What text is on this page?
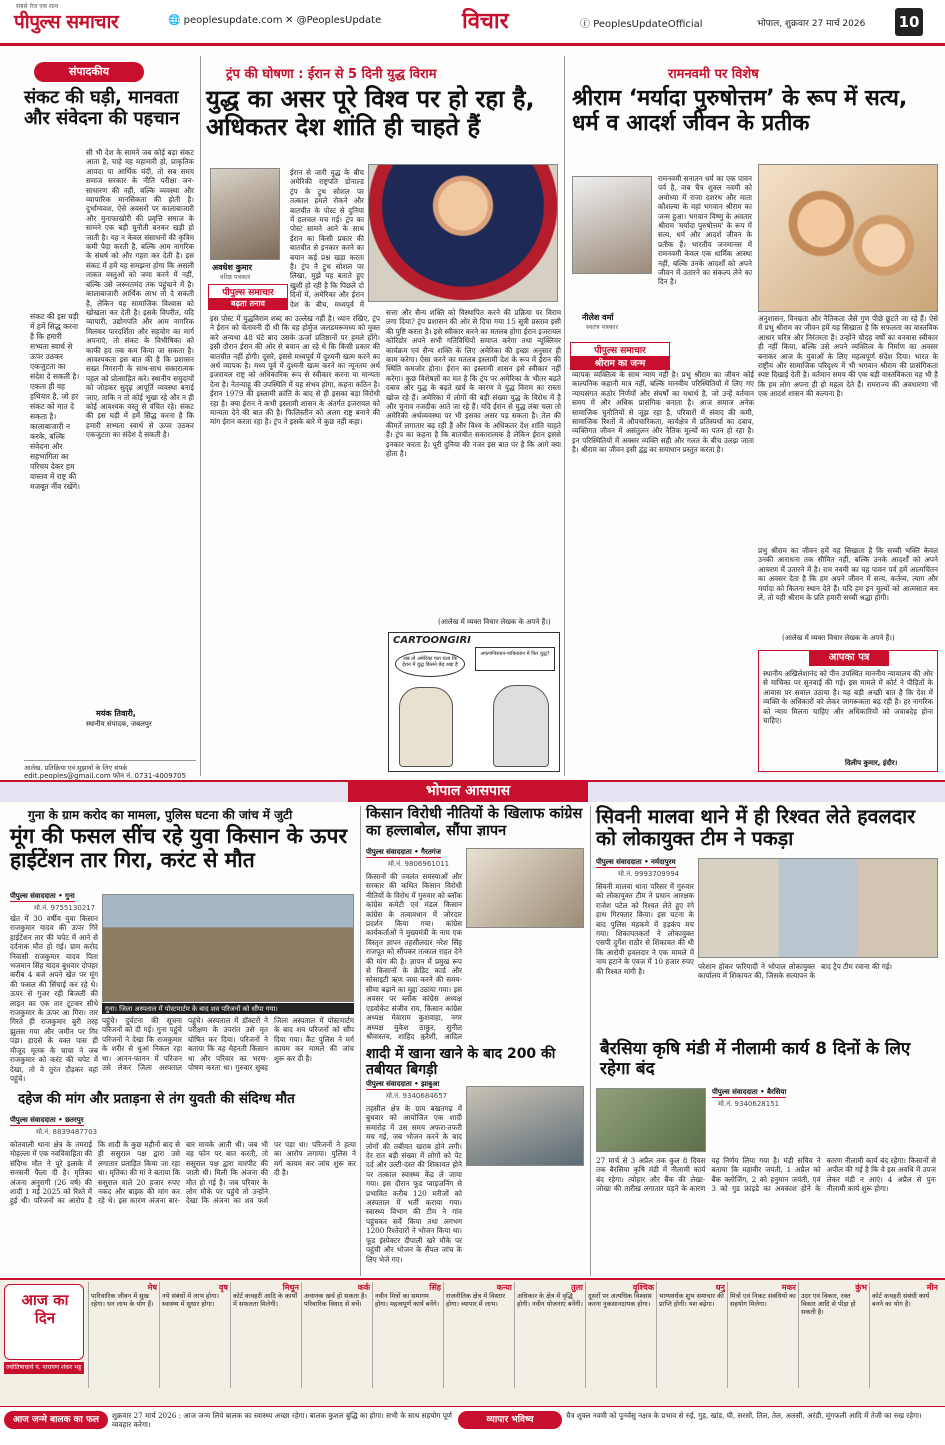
सबसे तेज एक साथ
पीपुल्स समाचार	🌐 peoplesupdate.com ✕ @PeoplesUpdate	विचार	ⓕ PeoplesUpdateOfficial	भोपाल, शुक्रवार 27 मार्च 2026 10
संपादकीय
संकट की घड़ी, मानवता और संवेदना की पहचान
सी भी देश के सामने जब कोई बड़ा संकट आता है, चाहे वह महामारी हो, प्राकृतिक आपदा या आर्थिक मंदी, तो सब समय समाज सरकार के नीति परीक्षा जन-साधारण की नहीं, बल्कि व्यवस्था और व्यापारिक मानसिकता की होती है। दुर्भाग्यवश, ऐसे अवसरों पर कालाबाजारी और मुनाफाखोरी की प्रवृत्ति समाज के सामने एक बड़ी चुनौती बनकर खड़ी हो जाती है। यह न केवल संसाधनों की कृत्रिम कमी पैदा करती है, बल्कि आम नागरिक के संघर्ष को और गहरा कर देती है। इस संकट में हमें यह समझना होगा कि असली ताकत वस्तुओं को जमा करने में नहीं, बल्कि उसे जरूरतमंद तक पहुंचाने में है। कालाबाजारी आर्थिक लाभ तो दे सकती है, लेकिन यह सामाजिक विश्वास को खोखला कर देती है। इसके विपरीत, यदि व्यापारी, उद्योगपति और आम नागरिक मिलकर पारदर्शिता और सहयोग का मार्ग अपनाएं, तो संकट के विभीषिका को काफी हद तक कम किया जा सकता है। आवश्यकता इस बात की है कि प्रशासन सख्त निगरानी के साथ-साथ सकारात्मक पहल को प्रोत्साहित करे। स्थानीय समुदायों को जोड़कर सुदृढ़ आपूर्ति व्यवस्था बनाई जाए, ताकि न तो कोई भूखा रहे और न ही कोई आवश्यक वस्तु से वंचित रहे। संकट की इस घड़ी में हमें सिद्ध करना है कि हमारी सभ्यता स्वार्थ से ऊपर उठकर एकजुटता का संदेश दे सकती है।
संकट की इस घड़ी में हमें सिद्ध करना है कि हमारी सभ्यता स्वार्थ से ऊपर उठकर एकजुटता का संदेश दे सकती है। एकता ही वह हथियार है, जो हर संकट को मात दे सकता है। कालाबाजारी न करके, बल्कि संवेदना और सहभागिता का परिचय देकर हम वास्तव में राष्ट्र की मजबूत नींव रखेंगे।
मयंक तिवारी,
स्थानीय संपादक, जबलपुर
आलेख, प्रतिक्रिया एवं सुझावों के लिए संपर्क
edit.peoples@gmail.com फोन नं. 0731-4009705
ट्रंप की घोषणा : ईरान से 5 दिनी युद्ध विराम
युद्ध का असर पूरे विश्व पर हो रहा है, अधिकतर देश शांति ही चाहते हैं
अवधेश कुमार
वरिष्ठ पत्रकार
पीपुल्स समाचार
बढ़ता तनाव
ईरान से जारी युद्ध के बीच अमेरिकी राष्ट्रपति डोनाल्ड ट्रंप के ट्रूथ सोशल पर तत्काल हमले रोकने और बातचीत के पोस्ट से दुनिया में हलचल मच गई। ट्रंप का पोस्ट सामने आने के साथ ईरान का किसी प्रकार की बातचीत से इनकार करने का बयान कई प्रश्न खड़ा करता है। ट्रंप ने ट्रूथ सोशल पर लिखा, मुझे यह बताते हुए खुशी हो रही है कि पिछले दो दिनों में, अमेरिका और ईरान देश के बीच, मध्यपूर्व में
इस पोस्ट में युद्धविराम शब्द का उल्लेख नहीं है। ध्यान रखिए, ट्रंप ने ईरान को चेतावनी दी थी कि वह होर्मुज जलडमरूमध्य को मुक्त करे अन्यथा 48 घंटे बाद उसके ऊर्जा प्रतिष्ठानों पर हमले होंगे। इसी दौरान ईरान की ओर से बयान आ रहे थे कि किसी प्रकार की बातचीत नहीं होगी। दूसरे, इससे मध्यपूर्व में दुश्मनी खत्म करने का अर्थ व्यापक है। मध्य पूर्व में दुश्मनी खत्म करने का न्यूनतम अर्थ इजरायल राष्ट्र को अधिकारिक रूप से स्वीकार करना या मान्यता देना है। नेतन्याहू की उपस्थिति में यह संभव होगा, कहना कठिन है। ईरान 1979 की इस्लामी क्रांति के बाद से ही इसका बड़ा विरोधी रहा है। क्या ईरान ने कभी इस्लामी शासन के अंतर्गत इजरायल को मान्यता देने की बात की है। फिलिस्तीन को अलग राष्ट्र बनाने की मांग ईरान करता रहा है। ट्रंप ने इसके बारे में कुछ नहीं कहा।
सत्ता और सैन्य शक्ति को विस्थापित करने की प्रक्रिया पर विराम लगा दिया? ट्रंप प्रशासन की ओर से दिया गया 15 सूत्री प्रस्ताव इसी की पुष्टि करता है। इसे स्वीकार करने का मतलब होगा ईरान इजरायल कोरिडोर अपने सभी गतिविधियों समाप्त करेगा तथा न्यूक्लियर कार्यक्रम एवं सैन्य शक्ति के लिए अमेरिका की इच्छा अनुसार ही काम करेगा। ऐसा करने का मतलब इस्लामी देश के रूप में ईरान की स्थिति कमजोर होना। ईरान का इस्लामी शासन इसे स्वीकार नहीं करेगा। कुछ विशेषज्ञों का मत है कि ट्रंप पर अमेरिका के भीतर बढ़ते दबाव और युद्ध के बढ़ते खर्च के कारण वे युद्ध विराम का रास्ता खोज रहे हैं। अमेरिका में लोगों की बड़ी संख्या युद्ध के विरोध में है और चुनाव नजदीक आते जा रहे हैं। यदि ईरान से युद्ध लंबा चला तो अमेरिकी अर्थव्यवस्था पर भी इसका असर पड़ सकता है। तेल की कीमतें लगातार बढ़ रही हैं और विश्व के अधिकतर देश शांति चाहते हैं। ट्रंप का कहना है कि बातचीत सकारात्मक है लेकिन ईरान इससे इनकार करता है। पूरी दुनिया की नजर इस बात पर है कि आगे क्या होता है।
(आलेख में व्यक्त विचार लेखक के अपने हैं।)
CARTOONGIRI
अब तो अमेरिका पता चला कि ईरान में युद्ध किसने छेड़ रखा है
अफगानिस्तान-पाकिस्तान में फिर युद्ध?
रामनवमी पर विशेष
श्रीराम ‘मर्यादा पुरुषोत्तम’ के रूप में सत्य, धर्म व आदर्श जीवन के प्रतीक
नीलेश वर्मा
स्वतंत्र पत्रकार
पीपुल्स समाचार
श्रीराम का जन्म
रामनवमी सनातन धर्म का एक पावन पर्व है, जब चैत्र शुक्ल नवमी को अयोध्या में राजा दशरथ और माता कौशल्या के यहां भगवान श्रीराम का जन्म हुआ। भगवान विष्णु के अवतार श्रीराम 'मर्यादा पुरुषोत्तम' के रूप में सत्य, धर्म और आदर्श जीवन के प्रतीक हैं। भारतीय जनमानस में रामनवमी केवल एक धार्मिक आस्था नहीं, बल्कि उनके आदर्शों को अपने जीवन में उतारने का संकल्प लेने का दिन है।
अनुशासन, विनम्रता और नैतिकता जैसे गुण पीछे छूटते जा रहे हैं। ऐसे में प्रभु श्रीराम का जीवन हमें यह सिखाता है कि सफलता का वास्तविक आधार चरित्र और निरंतरता है। उन्होंने चौदह वर्षों का वनवास स्वीकार ही नहीं किया, बल्कि उसे अपने व्यक्तित्व के निर्माण का अवसर बनाकर आज के युवाओं के लिए महत्वपूर्ण संदेश दिया। भारत के राष्ट्रीय और सामाजिक परिदृश्य में भी भगवान श्रीराम की प्रासंगिकता स्पष्ट दिखाई देती है। वर्तमान समय की एक बड़ी वास्तविकता यह भी है कि हम लोग अपना ही हो महत्व देते हैं। रामराज्य की अवधारणा भी एक आदर्श शासन की कल्पना है।
व्यापक व्यक्तित्व के साथ न्याय नहीं है। प्रभु श्रीराम का जीवन कोई काल्पनिक कहानी मात्र नहीं, बल्कि मानवीय परिस्थितियों में लिए गए न्यायसंगत कठोर निर्णयों और संघर्षों का यथार्थ है, जो उन्हें वर्तमान समय में और अधिक प्रासंगिक बनाता है। आज समाज अनेक सामाजिक चुनौतियों से जूझ रहा है, परिवारों में संवाद की कमी, सामाजिक रिश्तों में औपचारिकता, कार्यक्षेत्र में प्रतिस्पर्धा का दबाव, व्यक्तिगत जीवन में असंतुलन और नैतिक मूल्यों का पतन हो रहा है। इन परिस्थितियों में अक्सर व्यक्ति सही और गलत के बीच उलझ जाता है। श्रीराम का जीवन इसी द्वंद्व का समाधान प्रस्तुत करता है।
प्रभु श्रीराम का जीवन हमें यह सिखाता है कि सच्ची भक्ति केवल उनकी आराधना तक सीमित नहीं, बल्कि उनके आदर्शों को अपने आचरण में उतारने में है। राम नवमी का यह पावन पर्व हमें आत्मचिंतन का अवसर देता है कि हम अपने जीवन में सत्य, कर्तव्य, त्याग और मर्यादा को कितना स्थान देते हैं। यदि हम इन मूल्यों को आत्मसात कर लें, तो यही श्रीराम के प्रति हमारी सच्ची श्रद्धा होगी।
(आलेख में व्यक्त विचार लेखक के अपने हैं।)
आपका पत्र
स्थानीय अखिलेशानंद को पीन उपस्थित माननीय न्यायालय की ओर से याचिका पर सुनवाई की गई। इस मामले में कोर्ट ने पीड़ितों के आवास पर सवाल उठाया है। यह बड़ी अच्छी बात है कि देश में व्यक्ति के अधिकारों को लेकर जागरूकता बढ़ रही है। हर नागरिक को न्याय मिलना चाहिए और अधिकारियों को जवाबदेह होना चाहिए।
दिलीप कुमार, इंदौर।
भोपाल आसपास
गुना के ग्राम करोद का मामला, पुलिस घटना की जांच में जुटी
मूंग की फसल सींच रहे युवा किसान के ऊपर हाईटेंशन तार गिरा, करंट से मौत
पीपुल्स संवाददाता • गुना
मो.नं. 9755130217
खेत में 30 वर्षीय युवा किसान राजकुमार यादव की ऊपर गिरे हाईटेंशन तार की चपेट में आने से दर्दनाक मौत हो गई। ग्राम करोद निवासी राजकुमार यादव पिता भजमान सिंह यादव बुधवार दोपहर करीब 4 बजे अपने खेत पर मूंग की फसल की सिंचाई कर रहे थे। ऊपर से गुजर रही बिजली की लाइन का एक तार टूटकर सीधे राजकुमार के ऊपर आ गिरा। तार गिरते ही राजकुमार बुरी तरह झुलस गया और जमीन पर गिर पड़ा। हादसे के वक्त पास ही मौजूद मृतक के चाचा ने जब राजकुमार को करंट की चपेट में देखा, तो वे तुरंत दौड़कर वहां पहुंचे।
गुना। जिला अस्पताल में पोस्टमार्टम के बाद शव परिजनों को सौंपा गया।
पहुंचे। दुर्घटना की सूचना परिजनों को दी गई। गुना पहुंचे परिजनों ने देखा कि राजकुमार के शरीर से धुआं निकल रहा था। आनन-फानन में परिजन उसे लेकर जिला अस्पताल पहुंचे। अस्पताल में डॉक्टरों ने परीक्षण के उपरांत उसे मृत घोषित कर दिया। परिजनों ने बताया कि वह मेहनती किसान था और परिवार का भरण-पोषण करता था। गुरुवार सुबह जिला अस्पताल में पोस्टमार्टम के बाद शव परिजनों को सौंप दिया गया। कैंट पुलिस ने मर्ग कायम कर मामले की जांच शुरू कर दी है।
दहेज की मांग और प्रताड़ना से तंग युवती की संदिग्ध मौत
पीपुल्स संवाददाता • छतरपुर
मो.नं. 8839487703
कोतवाली थाना क्षेत्र के तमराई मोहल्ला में एक नवविवाहिता की संदिग्ध मौत ने पूरे इलाके में सनसनी फैला दी है। मृतिका अंजना अनुरागी (26 वर्ष) की शादी 1 मई 2025 को रिश्ते में हुई थी। परिजनों का आरोप है कि शादी के कुछ महीनों बाद से ही ससुराल पक्ष द्वारा उसे लगातार प्रताड़ित किया जा रहा था। मृतिका की मां ने बताया कि ससुराल वाले 20 हजार रुपए नकद और बाइक की मांग कर रहे थे। इस कारण अंजना बार-बार मायके आती थी। जब भी वह फोन पर बात करती, तो ससुराल पक्ष द्वारा मारपीट की जाती थी। मिली कि अंजना की मौत हो गई है। जब परिवार के लोग मौके पर पहुंचे तो उन्होंने देखा कि अंजना का शव फर्श पर पड़ा था। परिजनों ने हत्या का आरोप लगाया। पुलिस ने मर्ग कायम कर जांच शुरू कर दी है।
किसान विरोधी नीतियों के खिलाफ कांग्रेस का हल्लाबोल, सौंपा ज्ञापन
पीपुल्स संवाददाता • गैरतगंज
मो.नं. 9806961011
किसानों की ज्वलंत समस्याओं और सरकार की कथित किसान विरोधी नीतियों के विरोध में गुरुवार को ब्लॉक कांग्रेस कमेटी एवं मंडल किसान कांग्रेस के तत्वावधान में जोरदार प्रदर्शन किया गया। कांग्रेस कार्यकर्ताओं ने मुख्यमंत्री के नाम एक विस्तृत ज्ञापन तहसीलदार नरेश सिंह राजपूत को सौंपकर तत्काल राहत देने की मांग की है। ज्ञापन में प्रमुख रूप से किसानों के क्रेडिट कार्ड और सोसाइटी ऋण जमा करने की समय-सीमा बढ़ाने का मुद्दा उठाया गया। इस अवसर पर ब्लॉक कांग्रेस अध्यक्ष एडवोकेट संजीव राय, किसान कांग्रेस अध्यक्ष मेवाराम कुशवाहा, नगर अध्यक्ष मुकेश ठाकुर, सुनील श्रीवास्तव, शाहिद कुरैशी, आदिल
शादी में खाना खाने के बाद 200 की तबीयत बिगड़ी
पीपुल्स संवाददाता • झाबुआ
मो.नं. 9340684657
तहसील क्षेत्र के ग्राम बखतगढ़ में बुधवार को आयोजित एक शादी समारोह में उस समय अफरा-तफरी मच गई, जब भोजन करने के बाद लोगों की तबीयत खराब होने लगी। देर रात बड़ी संख्या में लोगों को पेट दर्द और उल्टी-दस्त की शिकायत होने पर तत्काल स्वास्थ्य केंद्र ले जाया गया। इस दौरान फूड प्वाइजनिंग से प्रभावित करीब 120 मरीजों को अस्पताल में भर्ती कराया गया। स्वास्थ्य विभाग की टीम ने गांव पहुंचकर सर्वे किया तथा लगभग 1200 रिश्तेदारों ने भोजन किया था। फूड इंस्पेक्टर दीपाली खरे मौके पर पहुंची और भोजन के सैंपल जांच के लिए भेजे गए।
सिवनी मालवा थाने में ही रिश्वत लेते हवलदार को लोकायुक्त टीम ने पकड़ा
पीपुल्स संवाददाता • नर्मदापुरम
मो.नं. 9993709994
सिवनी मालवा थाना परिसर में गुरुवार को लोकायुक्त टीम ने प्रधान आरक्षक राजेश पटेल को रिश्वत लेते हुए रंगे हाथ गिरफ्तार किया। इस घटना के बाद पुलिस महकमे में हड़कंप मच गया। शिकायतकर्ता ने लोकायुक्त एसपी दुर्गेश राठौर से शिकायत की थी कि आरोपी हवलदार ने एक मामले में नाम हटाने के एवज में 10 हजार रुपए की रिश्वत मांगी है।
परेशान होकर फरियादी ने भोपाल लोकायुक्त कार्यालय में शिकायत की, जिसके सत्यापन के बाद ट्रैप टीम रवाना की गई।
बैरसिया कृषि मंडी में नीलामी कार्य 8 दिनों के लिए रहेगा बंद
पीपुल्स संवाददाता • बैरसिया
मो.नं. 9340628151
27 मार्च से 3 अप्रैल तक कुल 8 दिवस तक बैरसिया कृषि मंडी में नीलामी कार्य बंद रहेगा। त्योहार और बैंक की लेखा-जोखा की तारीख लगातार पड़ने के कारण यह निर्णय लिया गया है। मंडी सचिव ने बताया कि महावीर जयंती, 1 अप्रैल को बैंक क्लोजिंग, 2 को हनुमान जयंती, एवं 3 को गुड फ्राइडे का अवकाश होने के कारण नीलामी कार्य बंद रहेगा। किसानों से अपील की गई है कि वे इस अवधि में उपज लेकर मंडी न आएं। 4 अप्रैल से पुनः नीलामी कार्य शुरू होगा।
आज का दिन
ज्योतिषाचार्य पं. नारायण शंकर भट्ट
मेष
पारिवारिक जीवन में सुख रहेगा। धन लाभ के योग हैं।
वृष
नये संबंधों में लाभ होगा। स्वास्थ्य में सुधार होगा।
मिथुन
कोर्ट कचहरी आदि के कार्यों में सफलता मिलेगी।
कर्क
अचानक खर्च हो सकता है। परिवारिक विवाद से बचें।
सिंह
नवीन मित्रों का समागम होगा। महत्वपूर्ण कार्य बनेंगे।
कन्या
राजनीतिक क्षेत्र में विस्तार होगा। व्यापार में लाभ।
तुला
अधिकार के क्षेत्र में वृद्धि होगी। नवीन योजनाएं बनेंगी।
वृश्चिक
दूसरों पर अत्यधिक विश्वास करना नुकसानदायक होगा।
धनु
भाग्यवर्धक शुभ समाचार की प्राप्ति होगी। यश बढ़ेगा।
मकर
मित्रों एवं निकट संबंधियों का सहयोग मिलेगा।
कुंभ
उदर एवं विकार, रक्त विकार आदि से पीड़ा हो सकती है।
मीन
कोर्ट कचहरी संबंधी कार्य बनने का योग है।
आज जन्मे बालक का फल	शुक्रवार 27 मार्च 2026 : आज जन्म लिये बालक का स्वास्थ्य अच्छा रहेगा। बालक कुशल बुद्धि का होगा। सभी के साथ सहयोग पूर्ण व्यवहार करेगा।	व्यापार भविष्य	चैत्र शुक्ल नवमी को पुनर्वसु नक्षत्र के प्रभाव से रुई, गुड़, खांड, घी, सरसों, तिल, तेल, अलसी, अरंडी, मूंगफली आदि में तेजी का रुख रहेगा।
